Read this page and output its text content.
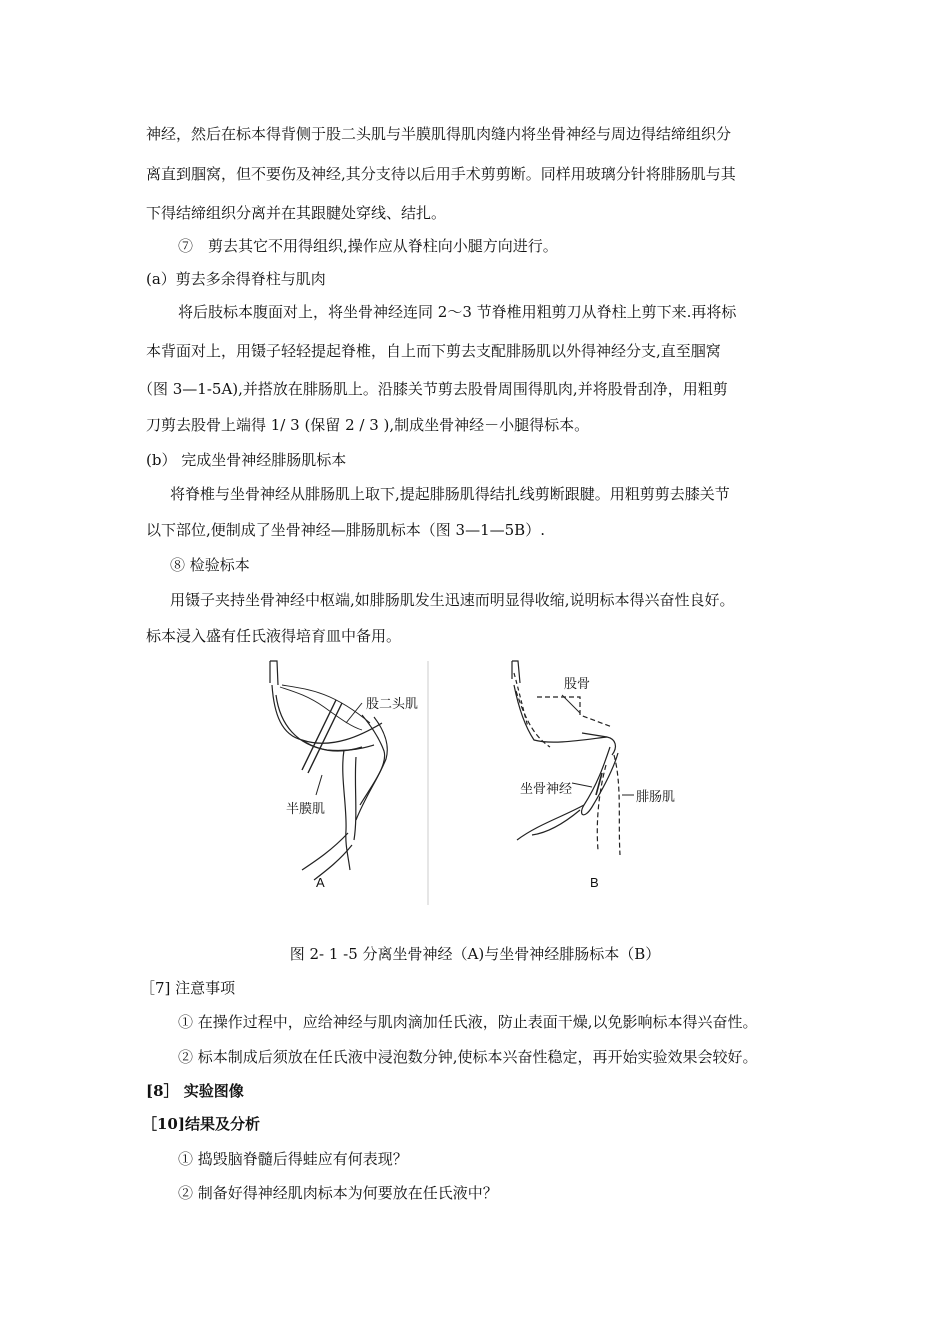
神经，然后在标本得背侧于股二头肌与半膜肌得肌肉缝内将坐骨神经与周边得结缔组织分
离直到腘窝，但不要伤及神经,其分支待以后用手术剪剪断。同样用玻璃分针将腓肠肌与其
下得结缔组织分离并在其跟腱处穿线、结扎。
⑦　剪去其它不用得组织,操作应从脊柱向小腿方向进行。
(a）剪去多余得脊柱与肌肉
将后肢标本腹面对上，将坐骨神经连同 2～3 节脊椎用粗剪刀从脊柱上剪下来.再将标
本背面对上，用镊子轻轻提起脊椎，自上而下剪去支配腓肠肌以外得神经分支,直至腘窝
（图 3—1-5A),并搭放在腓肠肌上。沿膝关节剪去股骨周围得肌肉,并将股骨刮净，用粗剪
刀剪去股骨上端得 1/ 3 (保留 2 / 3 ),制成坐骨神经－小腿得标本。
(b） 完成坐骨神经腓肠肌标本
将脊椎与坐骨神经从腓肠肌上取下,提起腓肠肌得结扎线剪断跟腱。用粗剪剪去膝关节
以下部位,便制成了坐骨神经—腓肠肌标本（图 3—1—5B）.
⑧ 检验标本
用镊子夹持坐骨神经中枢端,如腓肠肌发生迅速而明显得收缩,说明标本得兴奋性良好。
标本浸入盛有任氏液得培育皿中备用。
股二头肌
半膜肌
A
股骨
坐骨神经
腓肠肌
B
图 2- 1 -5 分离坐骨神经（A)与坐骨神经腓肠标本（B）
［7] 注意事项
① 在操作过程中，应给神经与肌肉滴加任氏液，防止表面干燥,以免影响标本得兴奋性。
② 标本制成后须放在任氏液中浸泡数分钟,使标本兴奋性稳定，再开始实验效果会较好。
[8］ 实验图像
［10]结果及分析
① 捣毁脑脊髓后得蛙应有何表现？
② 制备好得神经肌肉标本为何要放在任氏液中？
